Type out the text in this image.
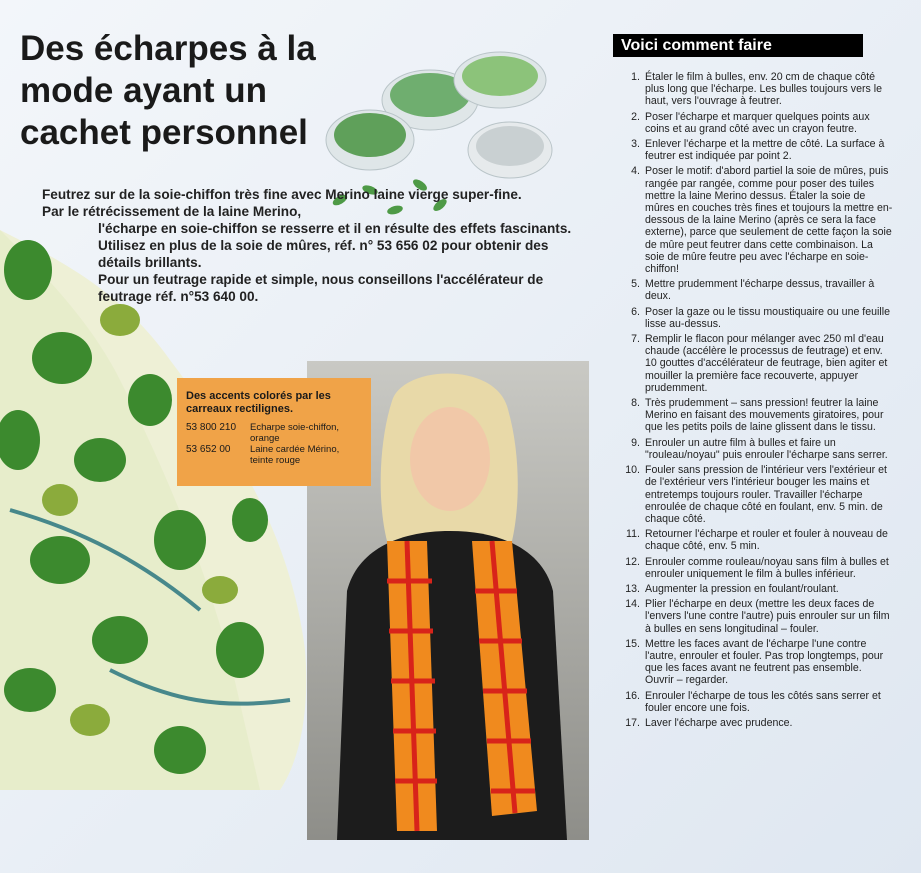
Des écharpes à la mode ayant un cachet personnel

Feutrez sur de la soie-chiffon très fine avec Merino laine vierge super-fine.

Par le rétrécissement de la laine Merino,

l'écharpe en soie-chiffon se resserre et il en résulte des effets fascinants.

Utilisez en plus de la soie de mûres, réf. n° 53 656 02 pour obtenir des détails brillants.

Pour un feutrage rapide et simple, nous conseillons l'accélérateur de feutrage réf. n°53 640 00.

Des accents colorés par les carreaux rectilignes.
53 800 210	Echarpe soie-chiffon, orange
53 652 00	Laine cardée Mérino, teinte rouge
Voici comment faire
1. Étaler le film à bulles, env. 20 cm de chaque côté plus long que l'écharpe. Les bulles toujours vers le haut, vers l'ouvrage à feutrer.
2. Poser l'écharpe et marquer quelques points aux coins et au grand côté avec un crayon feutre.
3. Enlever l'écharpe et la mettre de côté. La surface à feutrer est indiquée par point 2.
4. Poser le motif: d'abord partiel la soie de mûres, puis rangée par rangée, comme pour poser des tuiles mettre la laine Merino dessus. Étaler la soie de mûres en couches très fines et toujours la mettre en-dessous de la laine Merino (après ce sera la face externe), parce que seulement de cette façon la soie de mûre peut feutrer dans cette combinaison. La soie de mûre feutre peu avec l'écharpe en soie-chiffon!
5. Mettre prudemment l'écharpe dessus, travailler à deux.
6. Poser la gaze ou le tissu moustiquaire ou une feuille lisse au-dessus.
7. Remplir le flacon pour mélanger avec 250 ml d'eau chaude (accélère le processus de feutrage) et env. 10 gouttes d'accélérateur de feutrage, bien agiter et mouiller la première face recouverte, appuyer prudemment.
8. Très prudemment – sans pression! feutrer la laine Merino en faisant des mouvements giratoires, pour que les petits poils de laine glissent dans le tissu.
9. Enrouler un autre film à bulles et faire un "rouleau/noyau" puis enrouler l'écharpe sans serrer.
10. Fouler sans pression de l'intérieur vers l'extérieur et de l'extérieur vers l'intérieur bouger les mains et entretemps toujours rouler. Travailler l'écharpe enroulée de chaque côté en foulant, env. 5 min. de chaque côté.
11. Retourner l'écharpe et rouler et fouler à nouveau de chaque côté, env. 5 min.
12. Enrouler comme rouleau/noyau sans film à bulles et enrouler uniquement le film à bulles inférieur.
13. Augmenter la pression en foulant/roulant.
14. Plier l'écharpe en deux (mettre les deux faces de l'envers l'une contre l'autre) puis enrouler sur un film à bulles en sens longitudinal – fouler.
15. Mettre les faces avant de l'écharpe l'une contre l'autre, enrouler et fouler. Pas trop longtemps, pour que les faces avant ne feutrent pas ensemble. Ouvrir – regarder.
16. Enrouler l'écharpe de tous les côtés sans serrer et fouler encore une fois.
17. Laver l'écharpe avec prudence.
